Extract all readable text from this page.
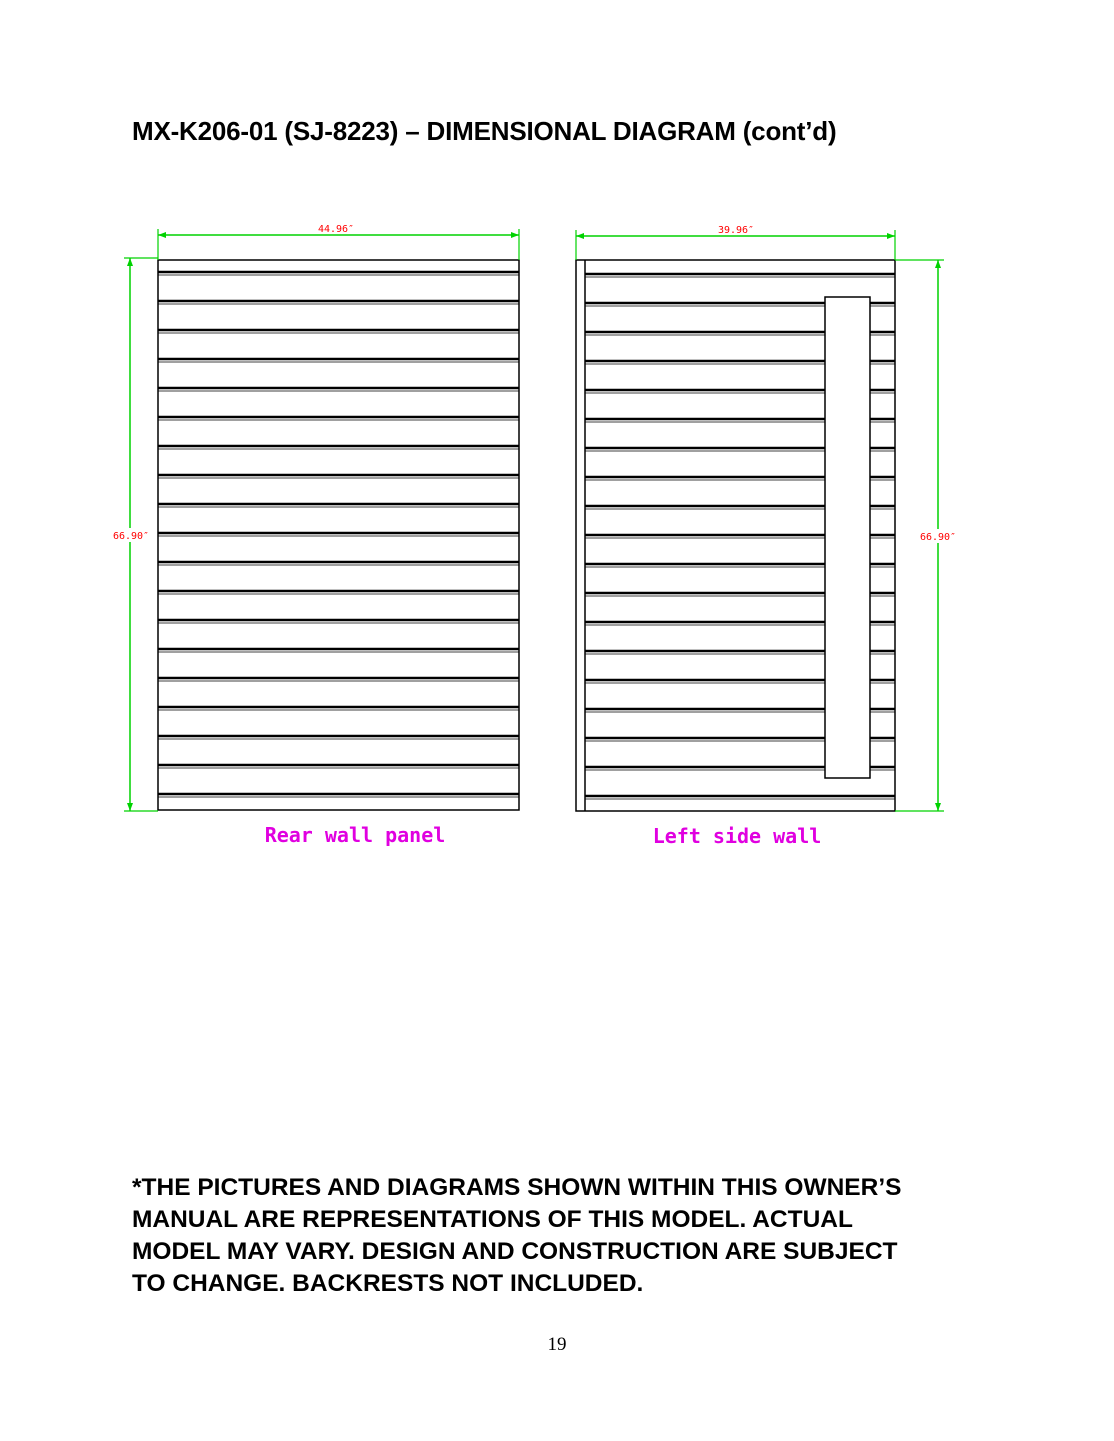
MX-K206-01 (SJ-8223) – DIMENSIONAL DIAGRAM (cont’d)
44.96″
66.90″
Rear wall panel
39.96″
66.90″
Left side wall
*THE PICTURES AND DIAGRAMS SHOWN WITHIN THIS OWNER’S
MANUAL ARE REPRESENTATIONS OF THIS MODEL. ACTUAL
MODEL MAY VARY. DESIGN AND CONSTRUCTION ARE SUBJECT
TO CHANGE. BACKRESTS NOT INCLUDED.
19
